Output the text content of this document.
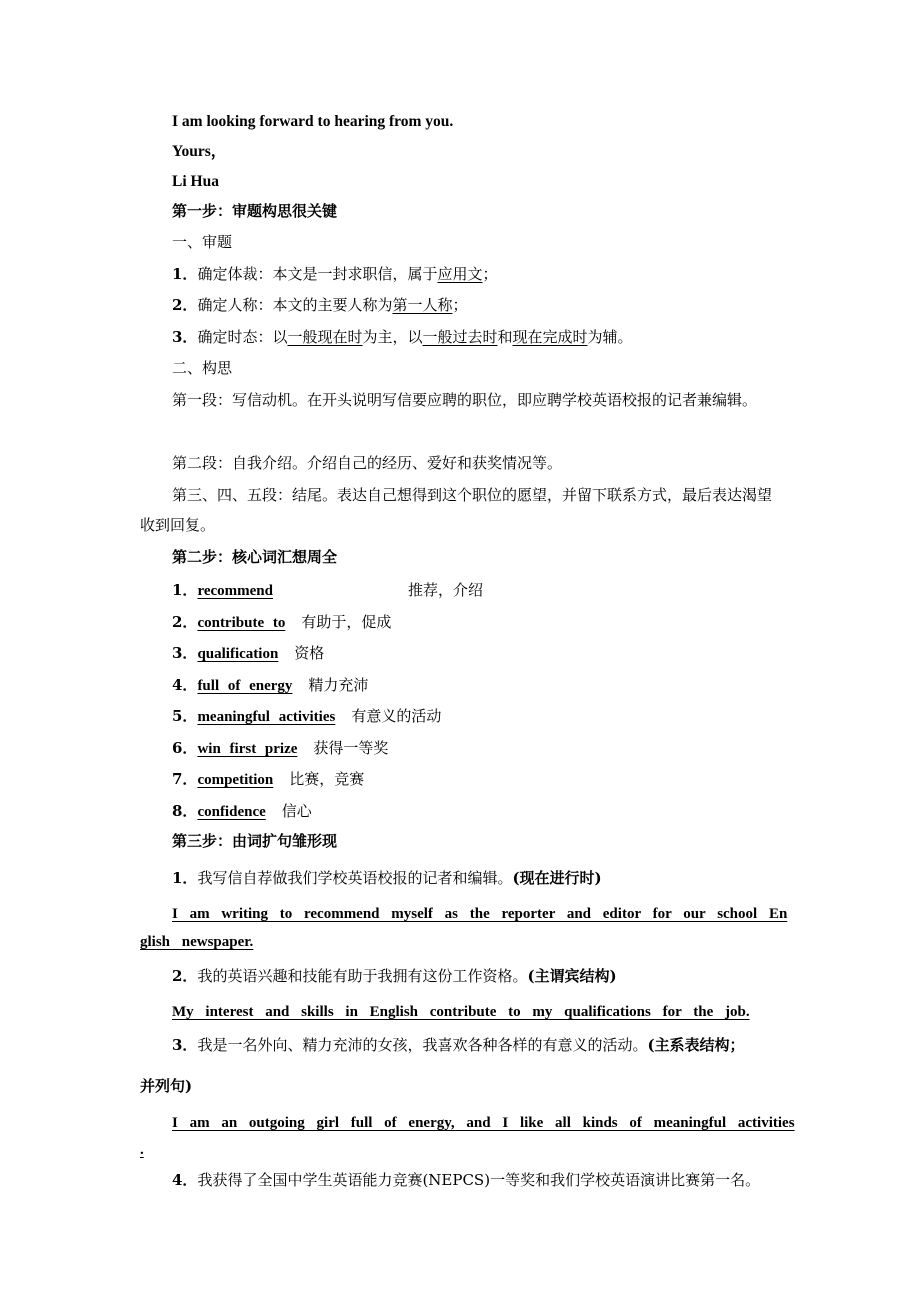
I am looking forward to hearing from you.
Yours，
Li Hua
第一步：审题构思很关键
一、审题
1．确定体裁：本文是一封求职信，属于应用文；
2．确定人称：本文的主要人称为第一人称；
3．确定时态：以一般现在时为主，以一般过去时和现在完成时为辅。
二、构思
第一段：写信动机。在开头说明写信要应聘的职位，即应聘学校英语校报的记者兼编辑。
第二段：自我介绍。介绍自己的经历、爱好和获奖情况等。
第三、四、五段：结尾。表达自己想得到这个职位的愿望，并留下联系方式，最后表达渴望收到回复。
第二步：核心词汇想周全
1．recommend	推荐，介绍
2．contribute to 有助于，促成
3．qualification 资格
4．full of energy 精力充沛
5．meaningful activities 有意义的活动
6．win first prize 获得一等奖
7．competition 比赛，竞赛
8．confidence 信心
第三步：由词扩句雏形现
1．我写信自荐做我们学校英语校报的记者和编辑。(现在进行时)
I am writing to recommend myself as the reporter and editor for our school En
glish newspaper.
2．我的英语兴趣和技能有助于我拥有这份工作资格。(主谓宾结构)
My interest and skills in English contribute to my qualifications for the job.
3．我是一名外向、精力充沛的女孩，我喜欢各种各样的有意义的活动。(主系表结构；
并列句)
I am an outgoing girl full of energy, and I like all kinds of meaningful activities
.
4．我获得了全国中学生英语能力竞赛(NEPCS)一等奖和我们学校英语演讲比赛第一名。
